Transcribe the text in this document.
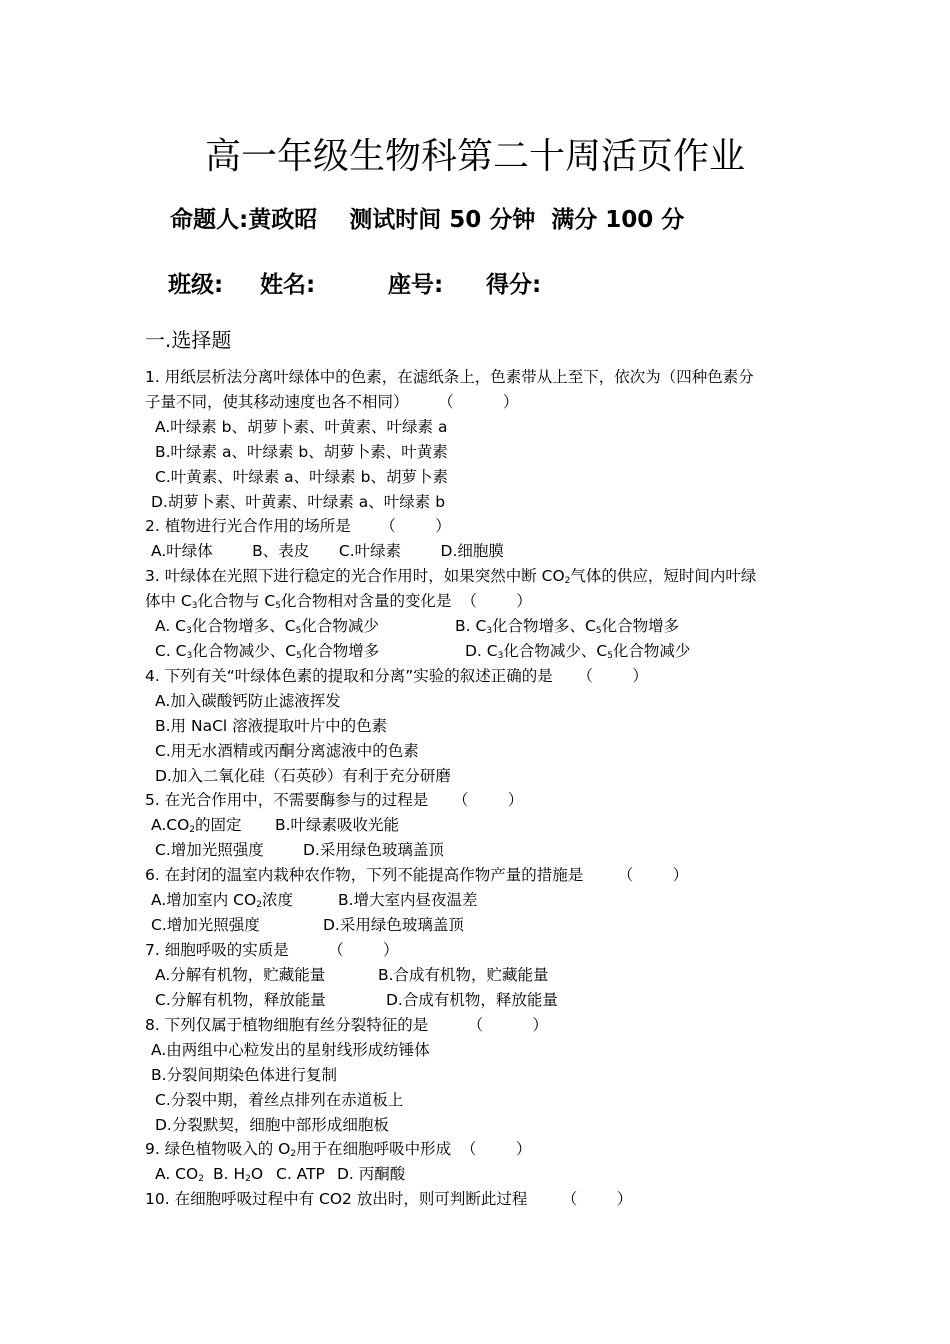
高一年级生物科第二十周活页作业
命题人:黄政昭    测试时间 50 分钟  满分 100 分
班级: 姓名:	座号: 得分:
一.选择题
1. 用纸层析法分离叶绿体中的色素，在滤纸条上，色素带从上至下，依次为（四种色素分
子量不同，使其移动速度也各不相同）      （          ）
A.叶绿素 b、胡萝卜素、叶黄素、叶绿素 a
B.叶绿素 a、叶绿素 b、胡萝卜素、叶黄素
C.叶黄素、叶绿素 a、叶绿素 b、胡萝卜素
D.胡萝卜素、叶黄素、叶绿素 a、叶绿素 b
2. 植物进行光合作用的场所是      （        ）
A.叶绿体        B、表皮      C.叶绿素        D.细胞膜
3. 叶绿体在光照下进行稳定的光合作用时，如果突然中断 $CO_2$气体的供应，短时间内叶绿
体中 $C_3$化合物与 $C_5$化合物相对含量的变化是  （        ）
A. $C_3$化合物增多、$C_5$化合物减少	B. $C_3$化合物增多、$C_5$化合物增多
C. $C_3$化合物减少、$C_5$化合物增多	D. $C_3$化合物减少、$C_5$化合物减少
4. 下列有关“叶绿体色素的提取和分离”实验的叙述正确的是     （        ）
A.加入碳酸钙防止滤液挥发
B.用 NaCl 溶液提取叶片中的色素
C.用无水酒精或丙酮分离滤液中的色素
D.加入二氧化硅（石英砂）有利于充分研磨
5. 在光合作用中，不需要酶参与的过程是     （        ）
$A.CO_2$的固定 B.叶绿素吸收光能
C.增加光照强度	D.采用绿色玻璃盖顶
6. 在封闭的温室内栽种农作物，下列不能提高作物产量的措施是       （        ）
A.增加室内 $CO_2$浓度	B.增大室内昼夜温差
C.增加光照强度	D.采用绿色玻璃盖顶
7. 细胞呼吸的实质是        （        ）
A.分解有机物，贮藏能量	B.合成有机物，贮藏能量
C.分解有机物，释放能量	D.合成有机物，释放能量
8. 下列仅属于植物细胞有丝分裂特征的是        （          ）
A.由两组中心粒发出的星射线形成纺锤体
B.分裂间期染色体进行复制
C.分裂中期，着丝点排列在赤道板上
D.分裂默契，细胞中部形成细胞板
9. 绿色植物吸入的 $O_2$用于在细胞呼吸中形成  （        ）
A. $CO_2$ B. $H_2O$ C. ATP D. 丙酮酸
10. 在细胞呼吸过程中有 CO2 放出时，则可判断此过程       （        ）
